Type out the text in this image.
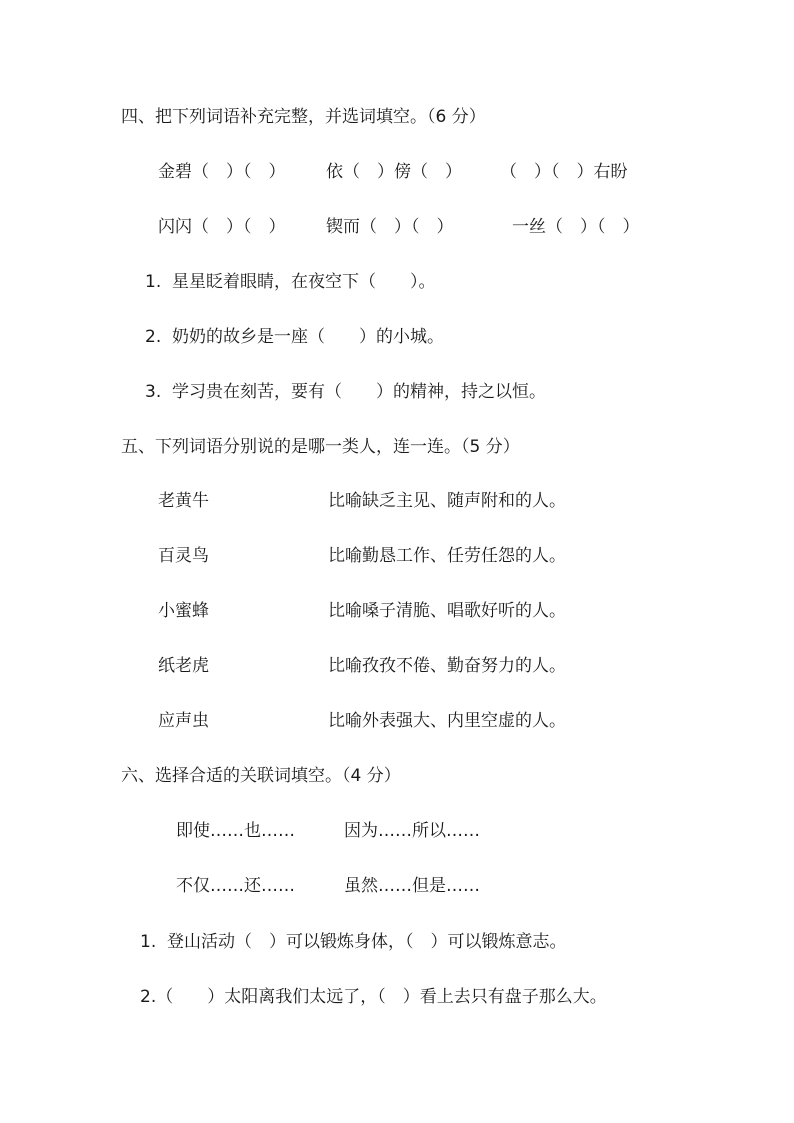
四、把下列词语补充完整，并选词填空。（6 分）
金碧（　）（　） 依（　）傍（　） （　）（　）右盼
闪闪（　）（　） 锲而（　）（　）	一丝（　）（　）
1.  星星眨着眼睛，在夜空下（　　）。
2.  奶奶的故乡是一座（　　）的小城。
3.  学习贵在刻苦，要有（　　）的精神，持之以恒。
五、下列词语分别说的是哪一类人，连一连。（5 分）
老黄牛	比喻缺乏主见、随声附和的人。
百灵鸟	比喻勤恳工作、任劳任怨的人。
小蜜蜂	比喻嗓子清脆、唱歌好听的人。
纸老虎	比喻孜孜不倦、勤奋努力的人。
应声虫	比喻外表强大、内里空虚的人。
六、选择合适的关联词填空。（4 分）
即使……也……	因为……所以……
不仅……还……	虽然……但是……
1.  登山活动（　）可以锻炼身体，（　）可以锻炼意志。
2.（　　）太阳离我们太远了，（　）看上去只有盘子那么大。
